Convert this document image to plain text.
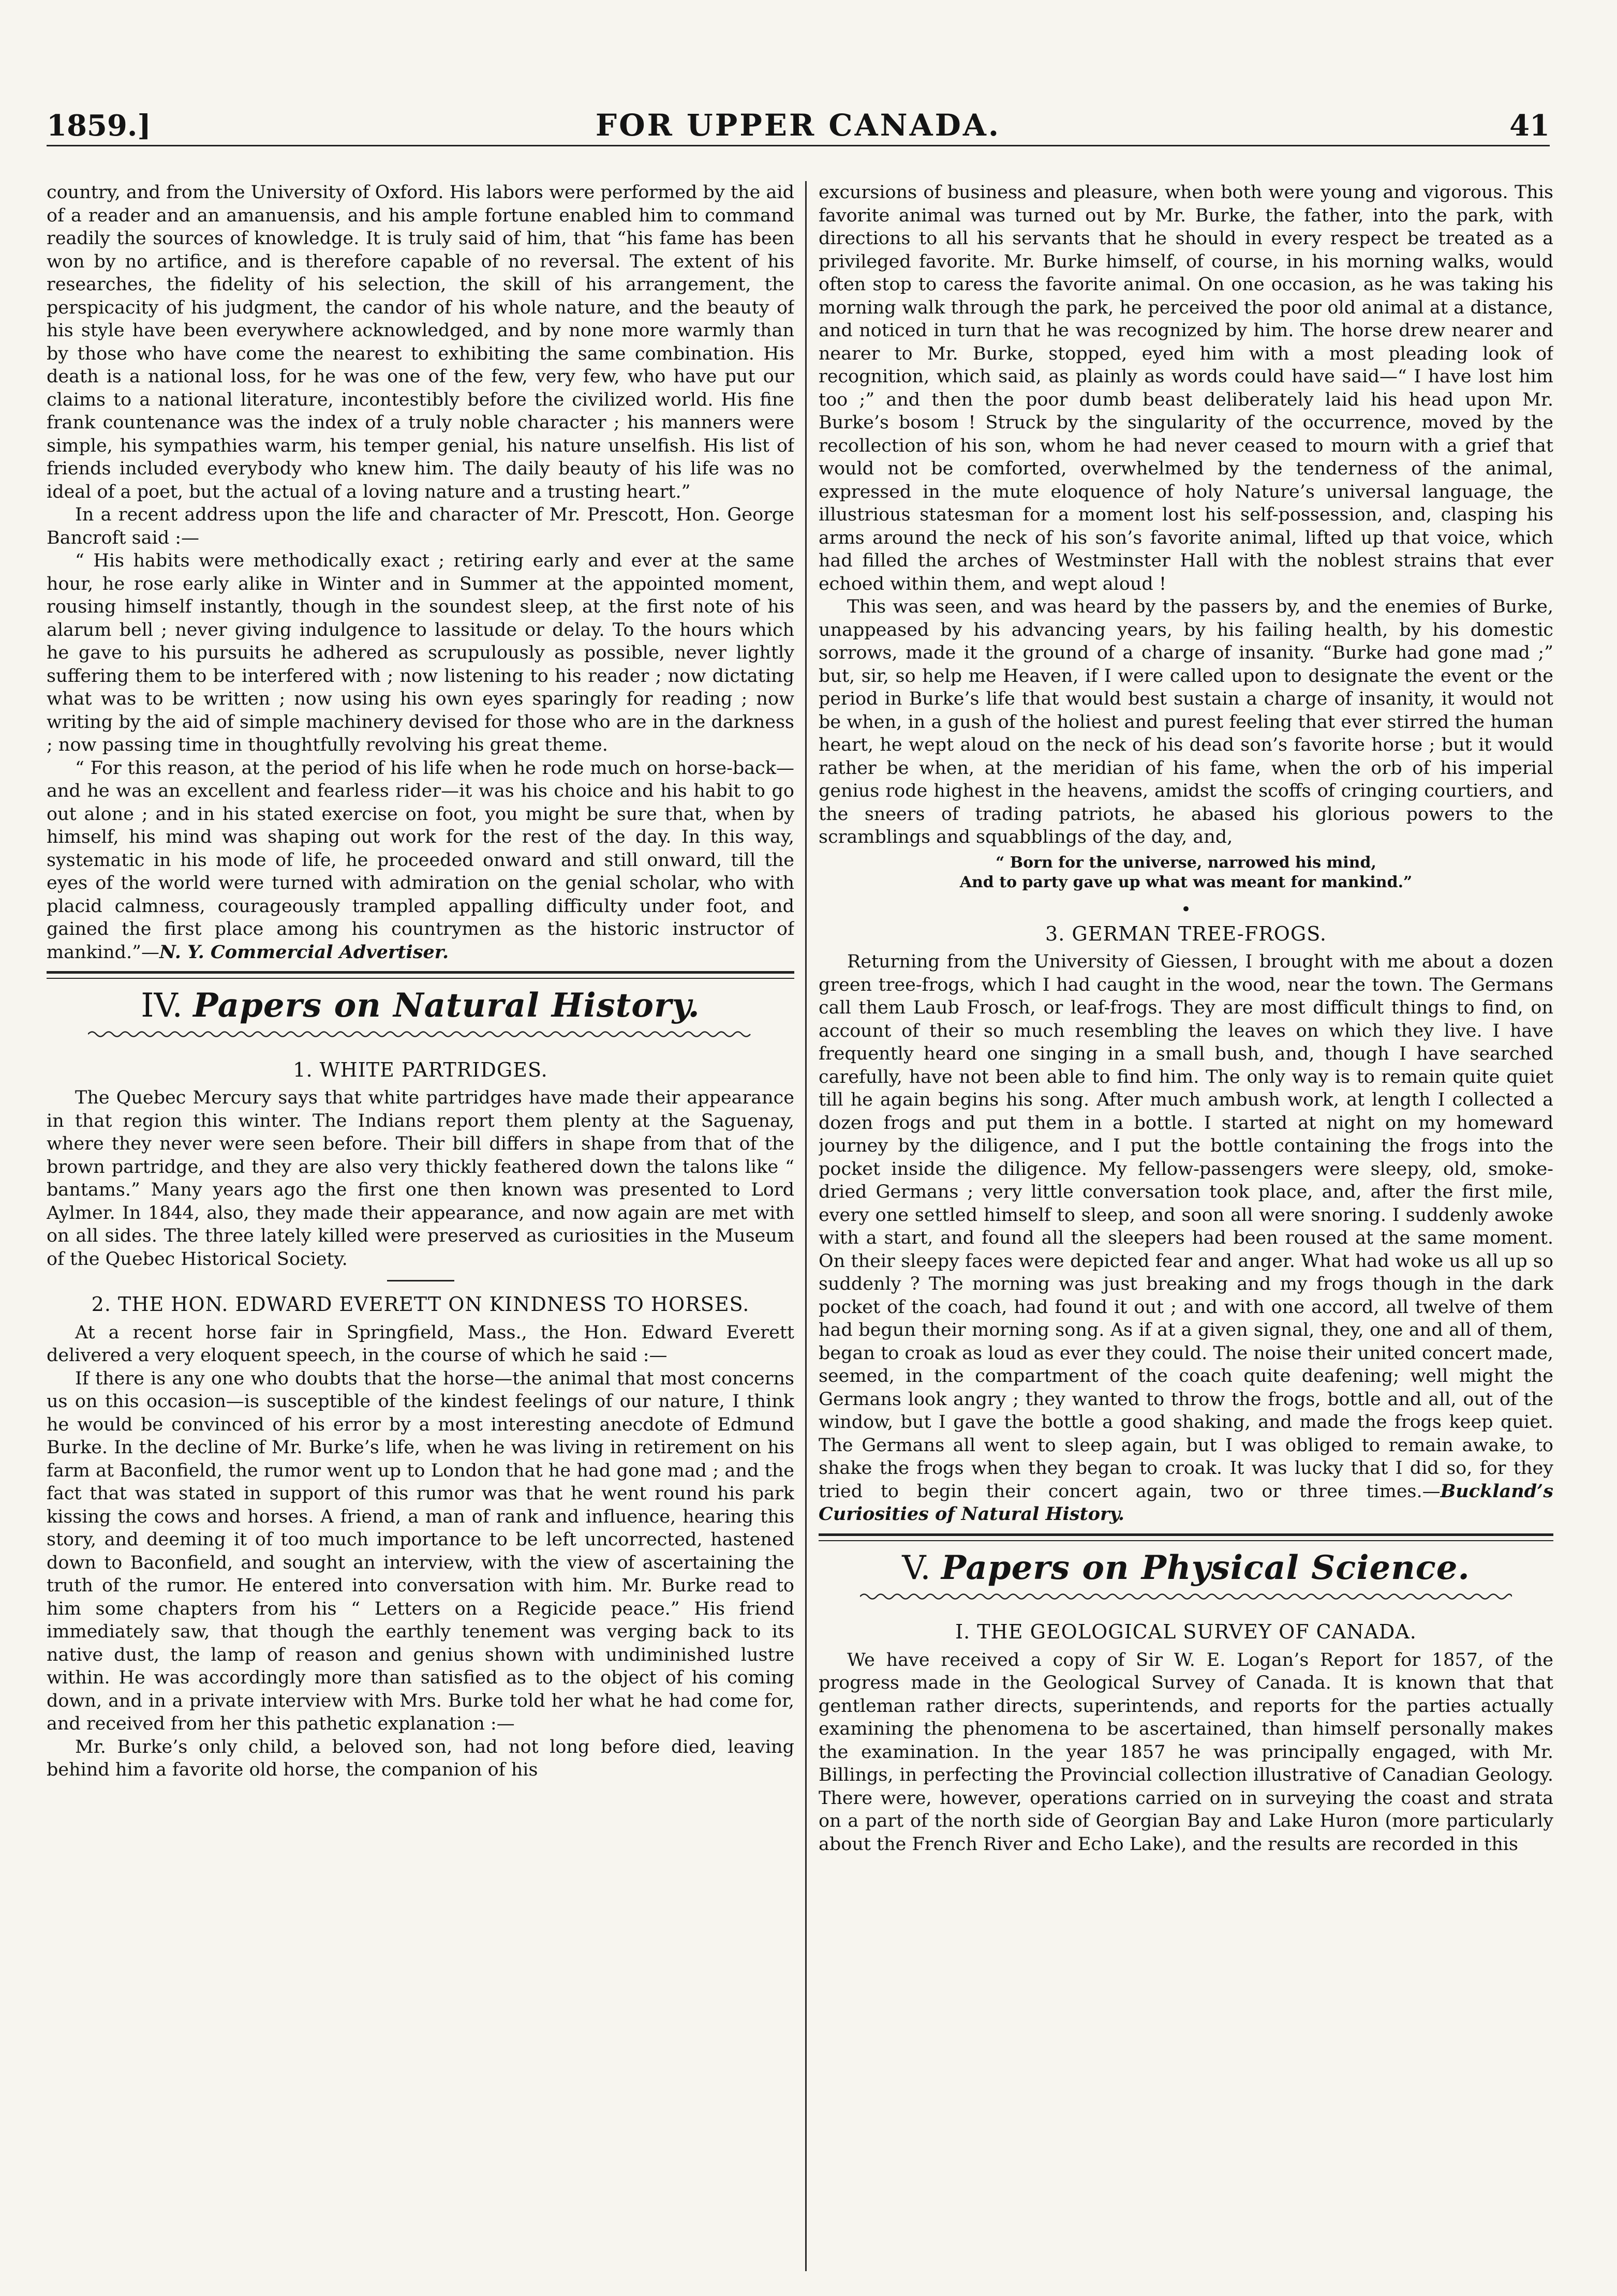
1859.]	FOR UPPER CANADA.	41

country, and from the University of Oxford. His labors were performed by the aid of a reader and an amanuensis, and his ample fortune enabled him to command readily the sources of knowledge. It is truly said of him, that “his fame has been won by no artifice, and is therefore capable of no reversal. The extent of his researches, the fidelity of his selection, the skill of his arrangement, the perspicacity of his judgment, the candor of his whole nature, and the beauty of his style have been everywhere acknowledged, and by none more warmly than by those who have come the nearest to exhibiting the same combination. His death is a national loss, for he was one of the few, very few, who have put our claims to a national literature, incontestibly before the civilized world. His fine frank countenance was the index of a truly noble character ; his manners were simple, his sympathies warm, his temper genial, his nature unselfish. His list of friends included everybody who knew him. The daily beauty of his life was no ideal of a poet, but the actual of a loving nature and a trusting heart.”

In a recent address upon the life and character of Mr. Prescott, Hon. George Bancroft said :—

“ His habits were methodically exact ; retiring early and ever at the same hour, he rose early alike in Winter and in Summer at the appointed moment, rousing himself instantly, though in the soundest sleep, at the first note of his alarum bell ; never giving indulgence to lassitude or delay. To the hours which he gave to his pursuits he adhered as scrupulously as possible, never lightly suffering them to be interfered with ; now listening to his reader ; now dictating what was to be written ; now using his own eyes sparingly for reading ; now writing by the aid of simple machinery devised for those who are in the darkness ; now passing time in thoughtfully revolving his great theme.

“ For this reason, at the period of his life when he rode much on horse-back—and he was an excellent and fearless rider—it was his choice and his habit to go out alone ; and in his stated exercise on foot, you might be sure that, when by himself, his mind was shaping out work for the rest of the day. In this way, systematic in his mode of life, he proceeded onward and still onward, till the eyes of the world were turned with admiration on the genial scholar, who with placid calmness, courageously trampled appalling difficulty under foot, and gained the first place among his countrymen as the historic instructor of mankind.”—N. Y. Commercial Advertiser.

IV. Papers on Natural History.
1. WHITE PARTRIDGES.

The Quebec Mercury says that white partridges have made their appearance in that region this winter. The Indians report them plenty at the Saguenay, where they never were seen before. Their bill differs in shape from that of the brown partridge, and they are also very thickly feathered down the talons like “ bantams.” Many years ago the first one then known was presented to Lord Aylmer. In 1844, also, they made their appearance, and now again are met with on all sides. The three lately killed were preserved as curiosities in the Museum of the Quebec Historical Society.

2. THE HON. EDWARD EVERETT ON KINDNESS TO HORSES.

At a recent horse fair in Springfield, Mass., the Hon. Edward Everett delivered a very eloquent speech, in the course of which he said :—

If there is any one who doubts that the horse—the animal that most concerns us on this occasion—is susceptible of the kindest feelings of our nature, I think he would be convinced of his error by a most interesting anecdote of Edmund Burke. In the decline of Mr. Burke’s life, when he was living in retirement on his farm at Baconfield, the rumor went up to London that he had gone mad ; and the fact that was stated in support of this rumor was that he went round his park kissing the cows and horses. A friend, a man of rank and influence, hearing this story, and deeming it of too much importance to be left uncorrected, hastened down to Baconfield, and sought an interview, with the view of ascertaining the truth of the rumor. He entered into conversation with him. Mr. Burke read to him some chapters from his “ Letters on a Regicide peace.” His friend immediately saw, that though the earthly tenement was verging back to its native dust, the lamp of reason and genius shown with undiminished lustre within. He was accordingly more than satisfied as to the object of his coming down, and in a private interview with Mrs. Burke told her what he had come for, and received from her this pathetic explanation :—

Mr. Burke’s only child, a beloved son, had not long before died, leaving behind him a favorite old horse, the companion of his

excursions of business and pleasure, when both were young and vigorous. This favorite animal was turned out by Mr. Burke, the father, into the park, with directions to all his servants that he should in every respect be treated as a privileged favorite. Mr. Burke himself, of course, in his morning walks, would often stop to caress the favorite animal. On one occasion, as he was taking his morning walk through the park, he perceived the poor old animal at a distance, and noticed in turn that he was recognized by him. The horse drew nearer and nearer to Mr. Burke, stopped, eyed him with a most pleading look of recognition, which said, as plainly as words could have said—“ I have lost him too ;” and then the poor dumb beast deliberately laid his head upon Mr. Burke’s bosom ! Struck by the singularity of the occurrence, moved by the recollection of his son, whom he had never ceased to mourn with a grief that would not be comforted, overwhelmed by the tenderness of the animal, expressed in the mute eloquence of holy Nature’s universal language, the illustrious statesman for a moment lost his self-possession, and, clasping his arms around the neck of his son’s favorite animal, lifted up that voice, which had filled the arches of Westminster Hall with the noblest strains that ever echoed within them, and wept aloud !

This was seen, and was heard by the passers by, and the enemies of Burke, unappeased by his advancing years, by his failing health, by his domestic sorrows, made it the ground of a charge of insanity. “Burke had gone mad ;” but, sir, so help me Heaven, if I were called upon to designate the event or the period in Burke’s life that would best sustain a charge of insanity, it would not be when, in a gush of the holiest and purest feeling that ever stirred the human heart, he wept aloud on the neck of his dead son’s favorite horse ; but it would rather be when, at the meridian of his fame, when the orb of his imperial genius rode highest in the heavens, amidst the scoffs of cringing courtiers, and the sneers of trading patriots, he abased his glorious powers to the scramblings and squabblings of the day, and,

“ Born for the universe, narrowed his mind,
And to party gave up what was meant for mankind.”
•
3. GERMAN TREE-FROGS.

Returning from the University of Giessen, I brought with me about a dozen green tree-frogs, which I had caught in the wood, near the town. The Germans call them Laub Frosch, or leaf-frogs. They are most difficult things to find, on account of their so much resembling the leaves on which they live. I have frequently heard one singing in a small bush, and, though I have searched carefully, have not been able to find him. The only way is to remain quite quiet till he again begins his song. After much ambush work, at length I collected a dozen frogs and put them in a bottle. I started at night on my homeward journey by the diligence, and I put the bottle containing the frogs into the pocket inside the diligence. My fellow-passengers were sleepy, old, smoke-dried Germans ; very little conversation took place, and, after the first mile, every one settled himself to sleep, and soon all were snoring. I suddenly awoke with a start, and found all the sleepers had been roused at the same moment. On their sleepy faces were depicted fear and anger. What had woke us all up so suddenly ? The morning was just breaking and my frogs though in the dark pocket of the coach, had found it out ; and with one accord, all twelve of them had begun their morning song. As if at a given signal, they, one and all of them, began to croak as loud as ever they could. The noise their united concert made, seemed, in the compartment of the coach quite deafening; well might the Germans look angry ; they wanted to throw the frogs, bottle and all, out of the window, but I gave the bottle a good shaking, and made the frogs keep quiet. The Germans all went to sleep again, but I was obliged to remain awake, to shake the frogs when they began to croak. It was lucky that I did so, for they tried to begin their concert again, two or three times.—Buckland’s Curiosities of Natural History.

V. Papers on Physical Science.
I. THE GEOLOGICAL SURVEY OF CANADA.

We have received a copy of Sir W. E. Logan’s Report for 1857, of the progress made in the Geological Survey of Canada. It is known that that gentleman rather directs, superintends, and reports for the parties actually examining the phenomena to be ascertained, than himself personally makes the examination. In the year 1857 he was principally engaged, with Mr. Billings, in perfecting the Provincial collection illustrative of Canadian Geology. There were, however, operations carried on in surveying the coast and strata on a part of the north side of Georgian Bay and Lake Huron (more particularly about the French River and Echo Lake), and the results are recorded in this
